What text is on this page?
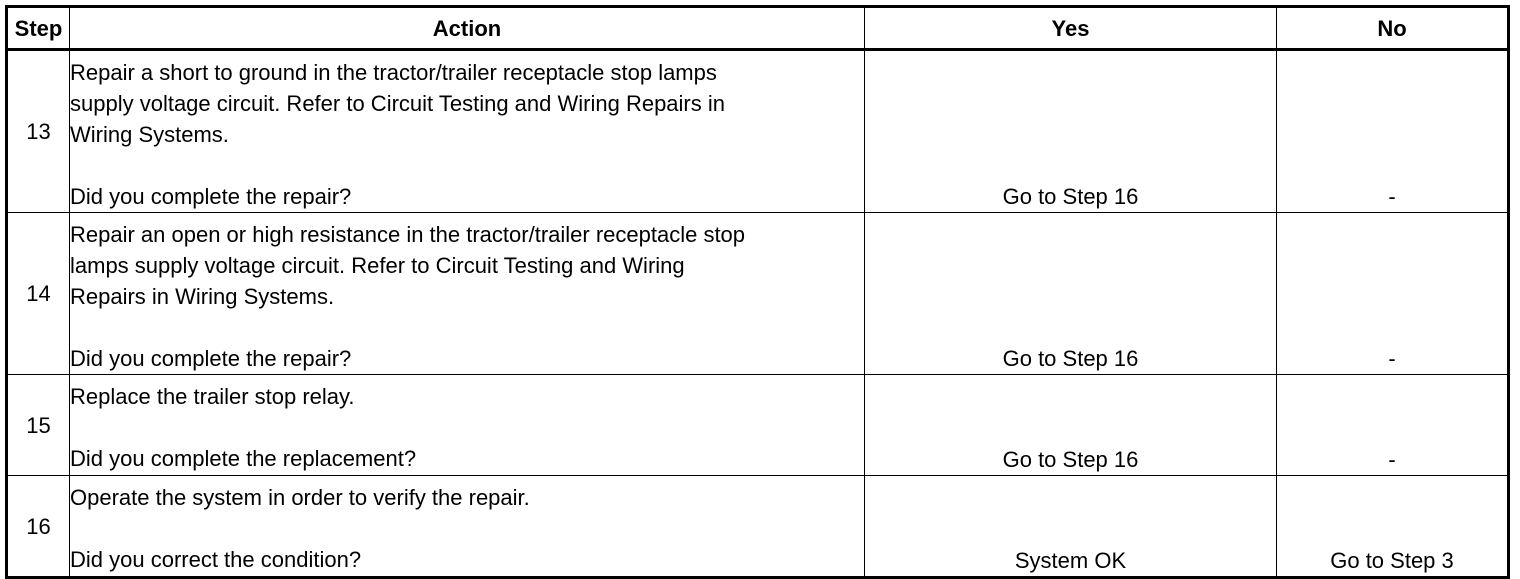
Step	Action	Yes	No
13	Repair a short to ground in the tractor/trailer receptacle stop lamps
supply voltage circuit. Refer to Circuit Testing and Wiring Repairs in
Wiring Systems.
Did you complete the repair?	Go to Step 16	-
14	Repair an open or high resistance in the tractor/trailer receptacle stop
lamps supply voltage circuit. Refer to Circuit Testing and Wiring
Repairs in Wiring Systems.
Did you complete the repair?	Go to Step 16	-
15	Replace the trailer stop relay.
Did you complete the replacement?	Go to Step 16	-
16	Operate the system in order to verify the repair.
Did you correct the condition?	System OK	Go to Step 3
